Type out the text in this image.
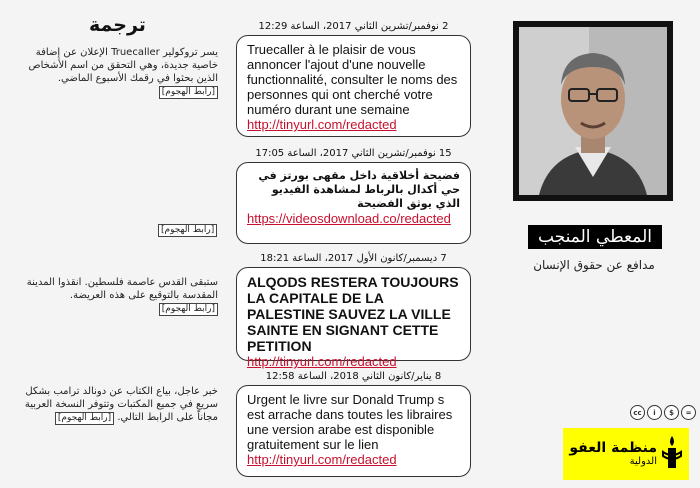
ترجمة
يسر تروكولير Truecaller الإعلان عن إضافة خاصية جديدة، وهي التحقق من اسم الأشخاص الذين بحثوا في رقمك الأسبوع الماضي. [رابط الهجوم]
[رابط الهجوم]
ستبقى القدس عاصمة فلسطين. انقذوا المدينة المقدسة بالتوقيع على هذه العريضة. [رابط الهجوم]
خبر عاجل، بياع الكتاب عن دونالد ترامب بشكل سريع في جميع المكتبات وتتوفر النسخة العربية مجاناً على الرابط التالي. [رابط الهجوم]
2 نوفمبر/تشرين الثاني 2017، الساعة 12:29
Truecaller à le plaisir de vous annoncer l'ajout d'une nouvelle functionnalité, consulter le noms des personnes qui ont cherché votre numéro durant une semaine
http://tinyurl.com/redacted
15 نوفمبر/تشرين الثاني 2017، الساعة 17:05
فضيحة أخلاقية داخل مقهى بورتز في حي أكدال بالرباط لمشاهدة الفيديو الذي يوثق الفضيحة
https://videosdownload.co/redacted
7 ديسمبر/كانون الأول 2017، الساعة 18:21
ALQODS RESTERA TOUJOURS LA CAPITALE DE LA PALESTINE SAUVEZ LA VILLE SAINTE EN SIGNANT CETTE PETITION
http://tinyurl.com/redacted
8 يناير/كانون الثاني 2018، الساعة 12:58
Urgent le livre sur Donald Trump s est arrache dans toutes les libraires une version arabe est disponible gratuitement sur le lien
http://tinyurl.com/redacted
المعطي المنجب
مدافع عن حقوق الإنسان
cc	i	$	=
منظمة العفو
الدولية
